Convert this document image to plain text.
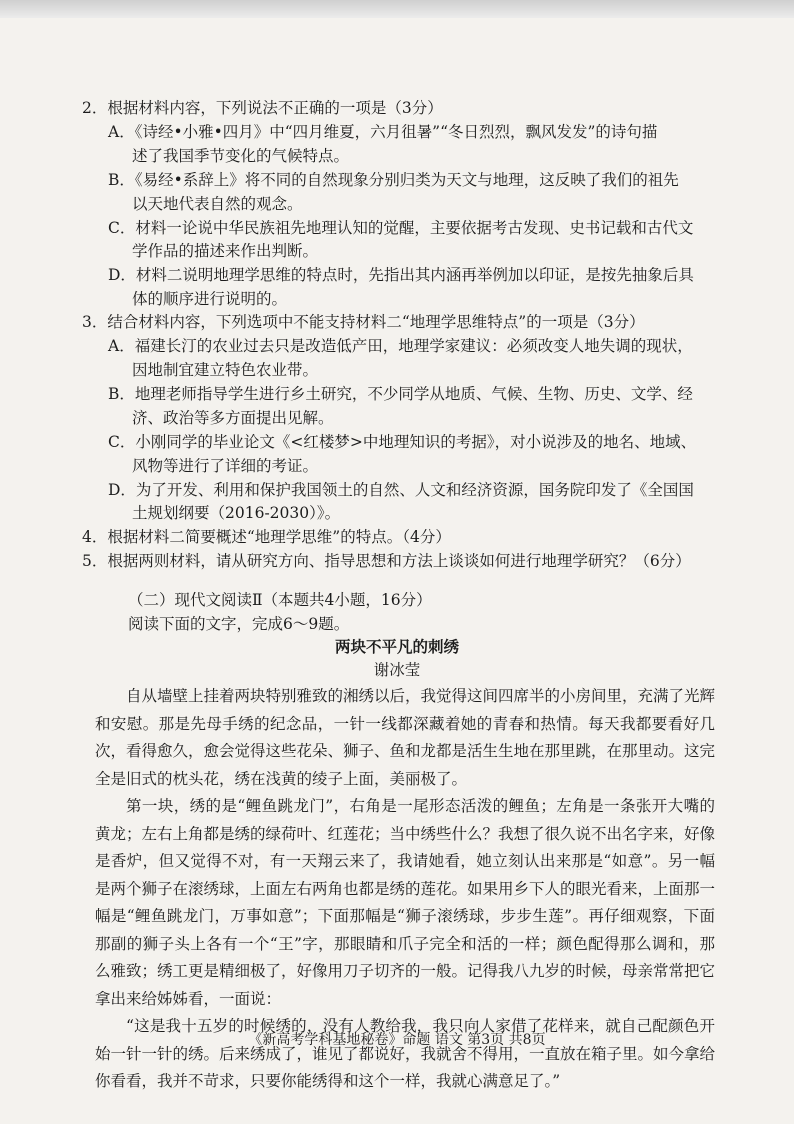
2．根据材料内容，下列说法不正确的一项是（3分）
A．《诗经•小雅•四月》中“四月维夏，六月徂暑”“冬日烈烈，飘风发发”的诗句描
述了我国季节变化的气候特点。
B．《易经•系辞上》将不同的自然现象分别归类为天文与地理，这反映了我们的祖先
以天地代表自然的观念。
C．材料一论说中华民族祖先地理认知的觉醒，主要依据考古发现、史书记载和古代文
学作品的描述来作出判断。
D．材料二说明地理学思维的特点时，先指出其内涵再举例加以印证，是按先抽象后具
体的顺序进行说明的。
3．结合材料内容，下列选项中不能支持材料二“地理学思维特点”的一项是（3分）
A．福建长汀的农业过去只是改造低产田，地理学家建议：必须改变人地失调的现状，
因地制宜建立特色农业带。
B．地理老师指导学生进行乡土研究，不少同学从地质、气候、生物、历史、文学、经
济、政治等多方面提出见解。
C．小刚同学的毕业论文《<红楼梦>中地理知识的考据》，对小说涉及的地名、地域、
风物等进行了详细的考证。
D．为了开发、利用和保护我国领土的自然、人文和经济资源，国务院印发了《全国国
土规划纲要（2016-2030）》。
4．根据材料二简要概述“地理学思维”的特点。（4分）
5．根据两则材料，请从研究方向、指导思想和方法上谈谈如何进行地理学研究？（6分）
（二）现代文阅读Ⅱ（本题共4小题，16分）
阅读下面的文字，完成6～9题。
两块不平凡的刺绣
谢冰莹

自从墙壁上挂着两块特别雅致的湘绣以后，我觉得这间四席半的小房间里，充满了光辉和安慰。那是先母手绣的纪念品，一针一线都深藏着她的青春和热情。每天我都要看好几次，看得愈久，愈会觉得这些花朵、狮子、鱼和龙都是活生生地在那里跳，在那里动。这完全是旧式的枕头花，绣在浅黄的绫子上面，美丽极了。

第一块，绣的是“鲤鱼跳龙门”，右角是一尾形态活泼的鲤鱼；左角是一条张开大嘴的黄龙；左右上角都是绣的绿荷叶、红莲花；当中绣些什么？我想了很久说不出名字来，好像是香炉，但又觉得不对，有一天翔云来了，我请她看，她立刻认出来那是“如意”。另一幅是两个狮子在滚绣球，上面左右两角也都是绣的莲花。如果用乡下人的眼光看来，上面那一幅是“鲤鱼跳龙门，万事如意”；下面那幅是“狮子滚绣球，步步生莲”。再仔细观察，下面那副的狮子头上各有一个“王”字，那眼睛和爪子完全和活的一样；颜色配得那么调和，那么雅致；绣工更是精细极了，好像用刀子切齐的一般。记得我八九岁的时候，母亲常常把它拿出来给姊姊看，一面说：

“这是我十五岁的时候绣的，没有人教给我，我只向人家借了花样来，就自己配颜色开始一针一针的绣。后来绣成了，谁见了都说好，我就舍不得用，一直放在箱子里。如今拿给你看看，我并不苛求，只要你能绣得和这个一样，我就心满意足了。”

《新高考学科基地秘卷》命题 语文 第3页 共8页
